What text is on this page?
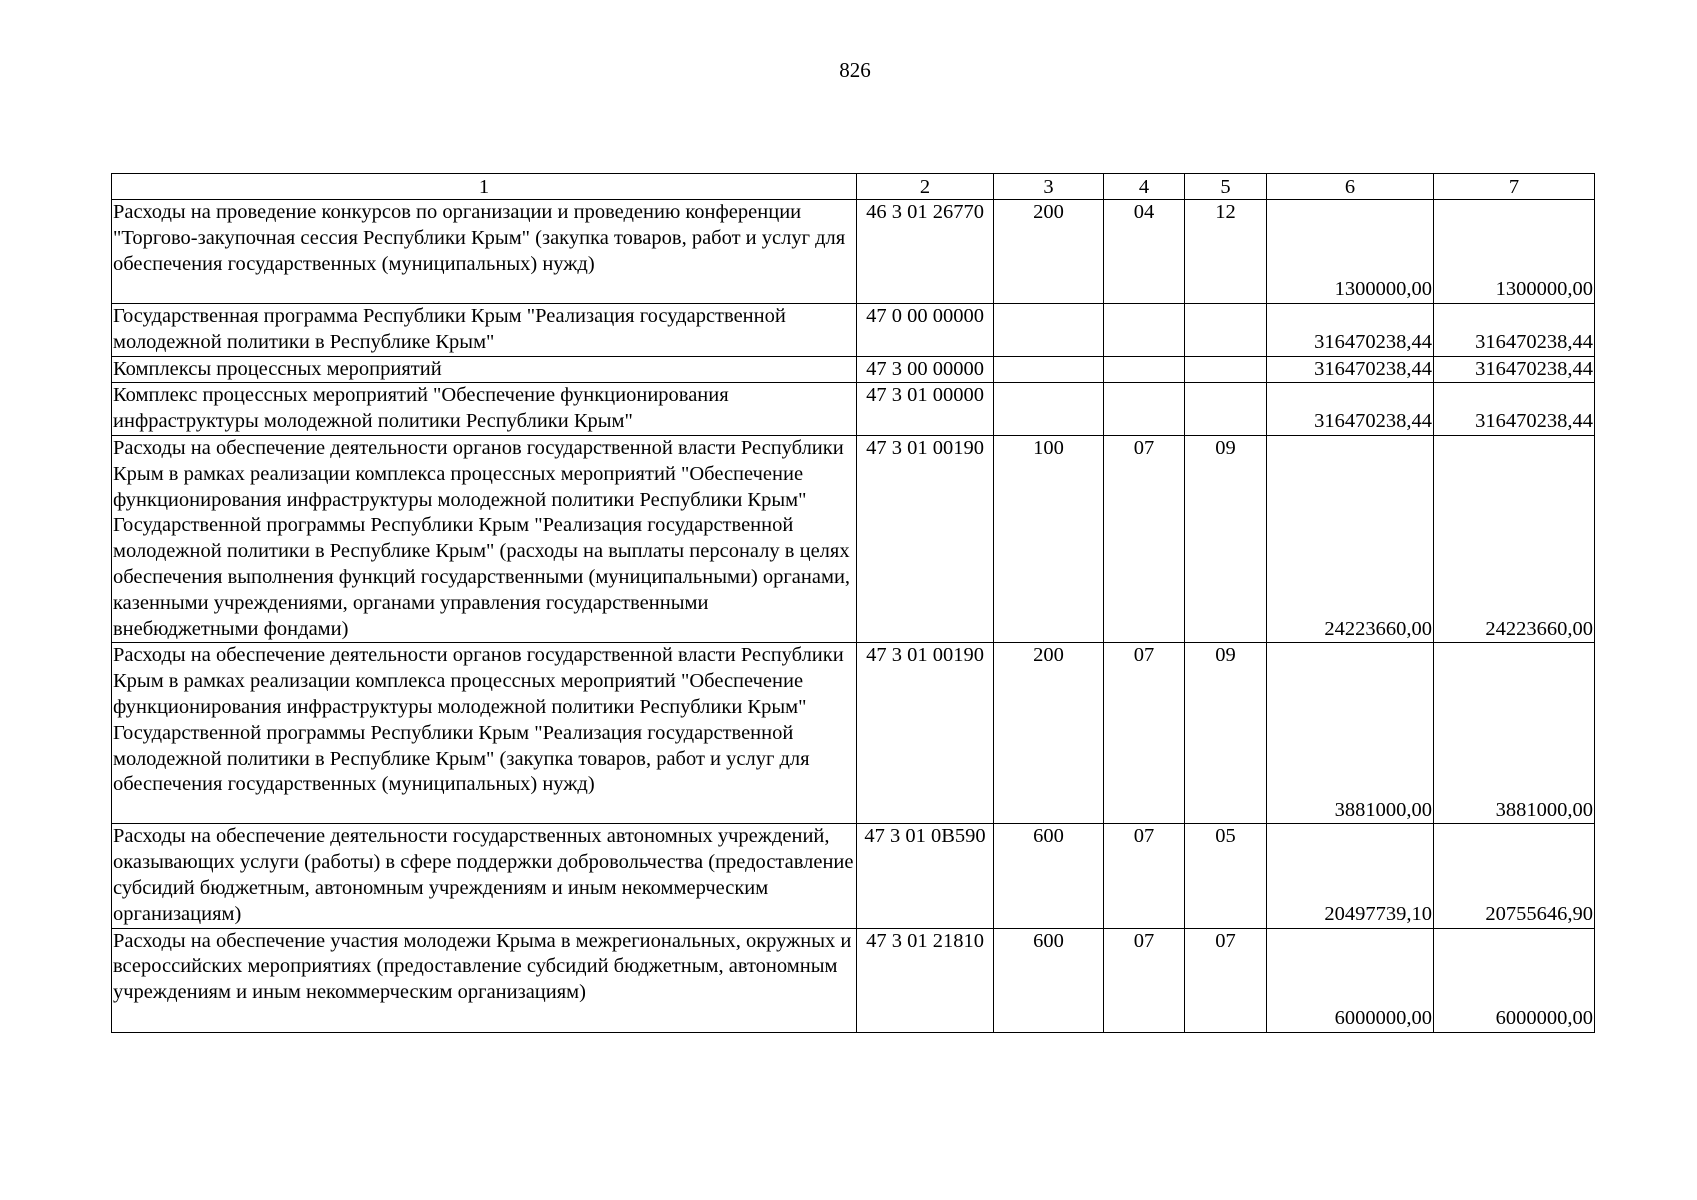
826
1	2	3	4	5	6	7
Расходы на проведение конкурсов по организации и проведению конференции "Торгово-закупочная сессия Республики Крым" (закупка товаров, работ и услуг для обеспечения государственных (муниципальных) нужд)	46 3 01 26770	200	04	12	1300000,00	1300000,00
Государственная программа Республики Крым "Реализация государственной молодежной политики в Республике Крым"	47 0 00 00000				316470238,44	316470238,44
Комплексы процессных мероприятий	47 3 00 00000				316470238,44	316470238,44
Комплекс процессных мероприятий "Обеспечение функционирования инфраструктуры молодежной политики Республики Крым"	47 3 01 00000				316470238,44	316470238,44
Расходы на обеспечение деятельности органов государственной власти Республики Крым в рамках реализации комплекса процессных мероприятий "Обеспечение функционирования инфраструктуры молодежной политики Республики Крым" Государственной программы Республики Крым "Реализация государственной молодежной политики в Республике Крым" (расходы на выплаты персоналу в целях обеспечения выполнения функций государственными (муниципальными) органами, казенными учреждениями, органами управления государственными внебюджетными фондами)	47 3 01 00190	100	07	09	24223660,00	24223660,00
Расходы на обеспечение деятельности органов государственной власти Республики Крым в рамках реализации комплекса процессных мероприятий "Обеспечение функционирования инфраструктуры молодежной политики Республики Крым" Государственной программы Республики Крым "Реализация государственной молодежной политики в Республике Крым" (закупка товаров, работ и услуг для обеспечения государственных (муниципальных) нужд)	47 3 01 00190	200	07	09	3881000,00	3881000,00
Расходы на обеспечение деятельности государственных автономных учреждений, оказывающих услуги (работы) в сфере поддержки добровольчества (предоставление субсидий бюджетным, автономным учреждениям и иным некоммерческим организациям)	47 3 01 0В590	600	07	05	20497739,10	20755646,90
Расходы на обеспечение участия молодежи Крыма в межрегиональных, окружных и всероссийских мероприятиях (предоставление субсидий бюджетным, автономным учреждениям и иным некоммерческим организациям)	47 3 01 21810	600	07	07	6000000,00	6000000,00
